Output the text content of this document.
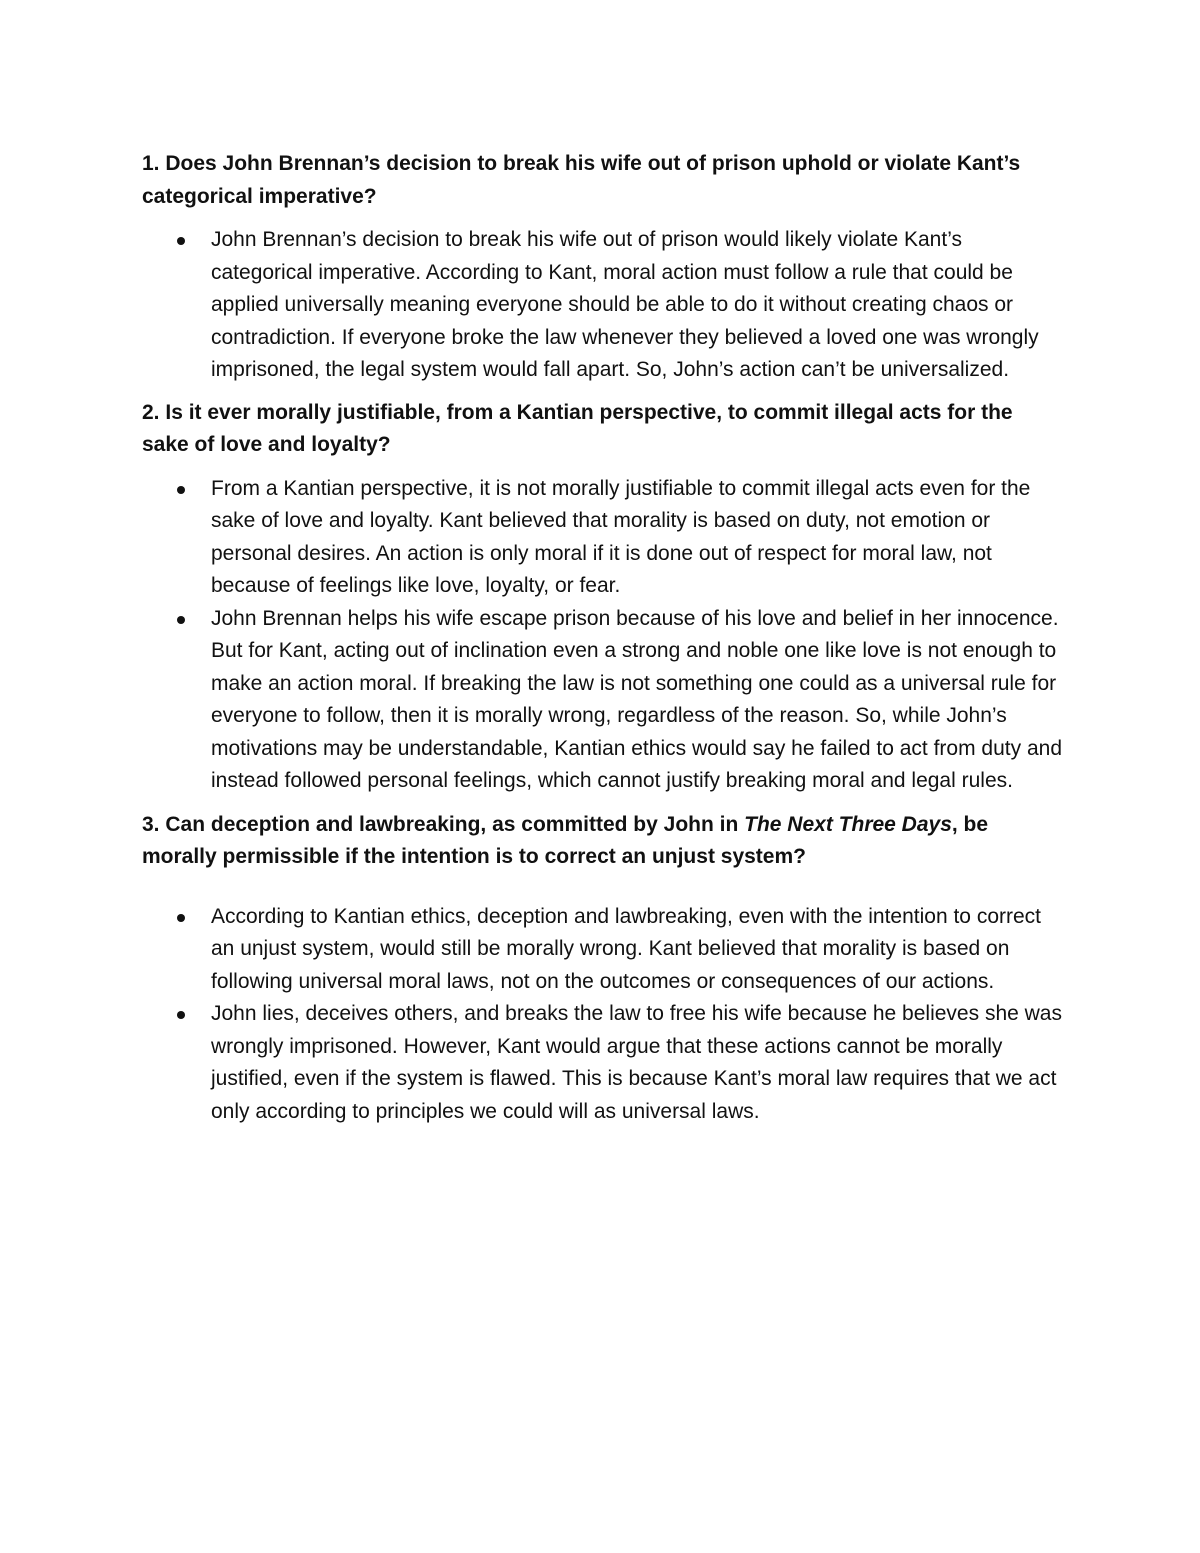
1. Does John Brennan’s decision to break his wife out of prison uphold or violate Kant’s categorical imperative?

John Brennan’s decision to break his wife out of prison would likely violate Kant’s categorical imperative. According to Kant, moral action must follow a rule that could be applied universally meaning everyone should be able to do it without creating chaos or contradiction. If everyone broke the law whenever they believed a loved one was wrongly imprisoned, the legal system would fall apart. So, John’s action can’t be universalized.

2. Is it ever morally justifiable, from a Kantian perspective, to commit illegal acts for the sake of love and loyalty?

From a Kantian perspective, it is not morally justifiable to commit illegal acts even for the sake of love and loyalty. Kant believed that morality is based on duty, not emotion or personal desires. An action is only moral if it is done out of respect for moral law, not because of feelings like love, loyalty, or fear.
John Brennan helps his wife escape prison because of his love and belief in her innocence. But for Kant, acting out of inclination even a strong and noble one like love is not enough to make an action moral. If breaking the law is not something one could as a universal rule for everyone to follow, then it is morally wrong, regardless of the reason. So, while John’s motivations may be understandable, Kantian ethics would say he failed to act from duty and instead followed personal feelings, which cannot justify breaking moral and legal rules.

3. Can deception and lawbreaking, as committed by John in The Next Three Days, be morally permissible if the intention is to correct an unjust system?

According to Kantian ethics, deception and lawbreaking, even with the intention to correct an unjust system, would still be morally wrong. Kant believed that morality is based on following universal moral laws, not on the outcomes or consequences of our actions.
John lies, deceives others, and breaks the law to free his wife because he believes she was wrongly imprisoned. However, Kant would argue that these actions cannot be morally justified, even if the system is flawed. This is because Kant’s moral law requires that we act only according to principles we could will as universal laws.
